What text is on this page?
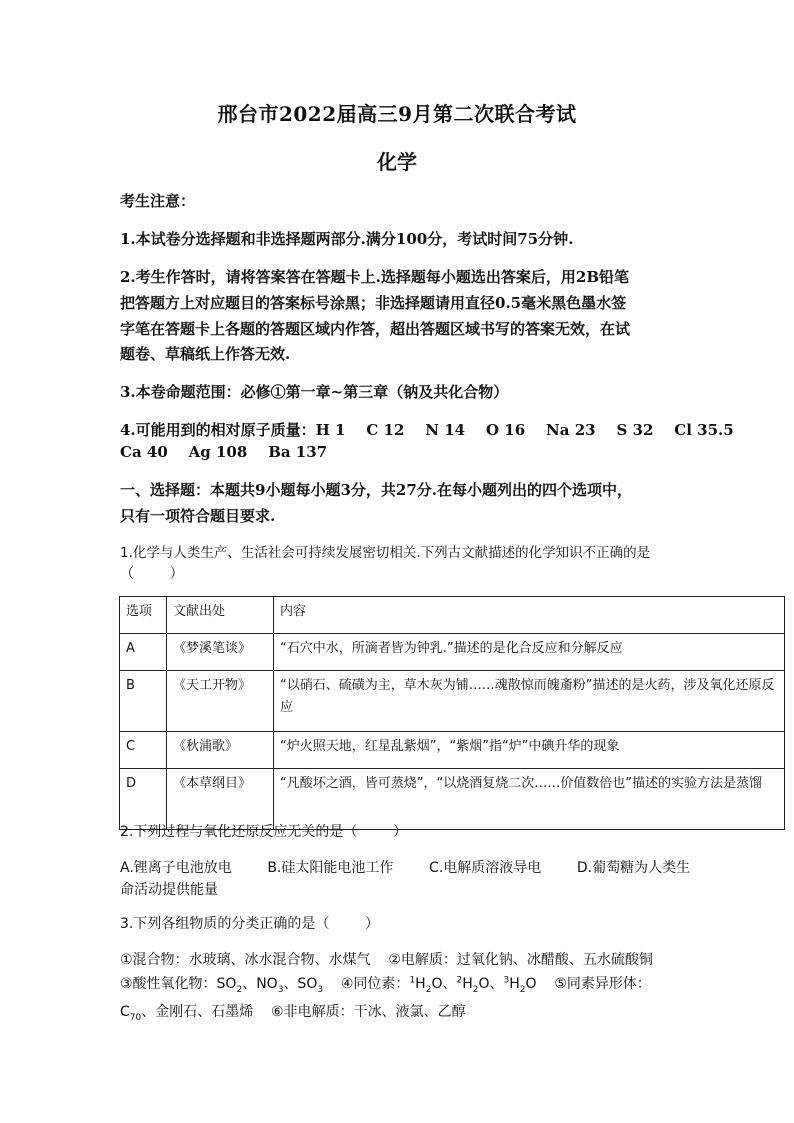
邢台市2022届高三9月第二次联合考试
化学
考生注意：
1.本试卷分选择题和非选择题两部分.满分100分，考试时间75分钟.
2.考生作答时，请将答案答在答题卡上.选择题每小题选出答案后，用2B铅笔
把答题方上对应题目的答案标号涂黑；非选择题请用直径0.5毫米黑色墨水签
字笔在答题卡上各题的答题区域内作答，超出答题区域书写的答案无效，在试
题卷、草稿纸上作答无效.
3.本卷命题范围：必修①第一章~第三章（钠及共化合物）
4.可能用到的相对原子质量：H 1    C 12    N 14    O 16    Na 23    S 32    Cl 35.5
Ca 40    Ag 108    Ba 137
一、选择题：本题共9小题每小题3分，共27分.在每小题列出的四个选项中，
只有一项符合题目要求.
1.化学与人类生产、生活社会可持续发展密切相关.下列古文献描述的化学知识不正确的是
（        ）
选项	文献出处	内容
A	《梦溪笔谈》	“石穴中水，所滴者皆为钟乳.”描述的是化合反应和分解反应
B	《天工开物》	“以硝石、硫磺为主，草木灰为铺……魂散惊而魄齑粉”描述的是火药，涉及氧化还原反应
C	《秋浦歌》	“炉火照天地，红星乱紫烟”，“紫烟”指“炉”中碘升华的现象
D	《本草纲目》	“凡酸坏之酒，皆可蒸烧”，“以烧酒复烧二次……价值数倍也”描述的实验方法是蒸馏
2.下列过程与氧化还原反应无关的是（        ）
A.锂离子电池放电        B.硅太阳能电池工作        C.电解质溶液导电        D.葡萄糖为人类生
命活动提供能量
3.下列各组物质的分类正确的是（        ）
①混合物：水玻璃、冰水混合物、水煤气    ②电解质：过氧化钠、冰醋酸、五水硫酸铜
③酸性氧化物：$SO_2$、$NO_3$、$SO_3$    ④同位素：$^1H_2O$、$^2H_2O$、$^3H_2O$    ⑤同素异形体：
$C_{70}$、金刚石、石墨烯    ⑥非电解质：干冰、液氯、乙醇
